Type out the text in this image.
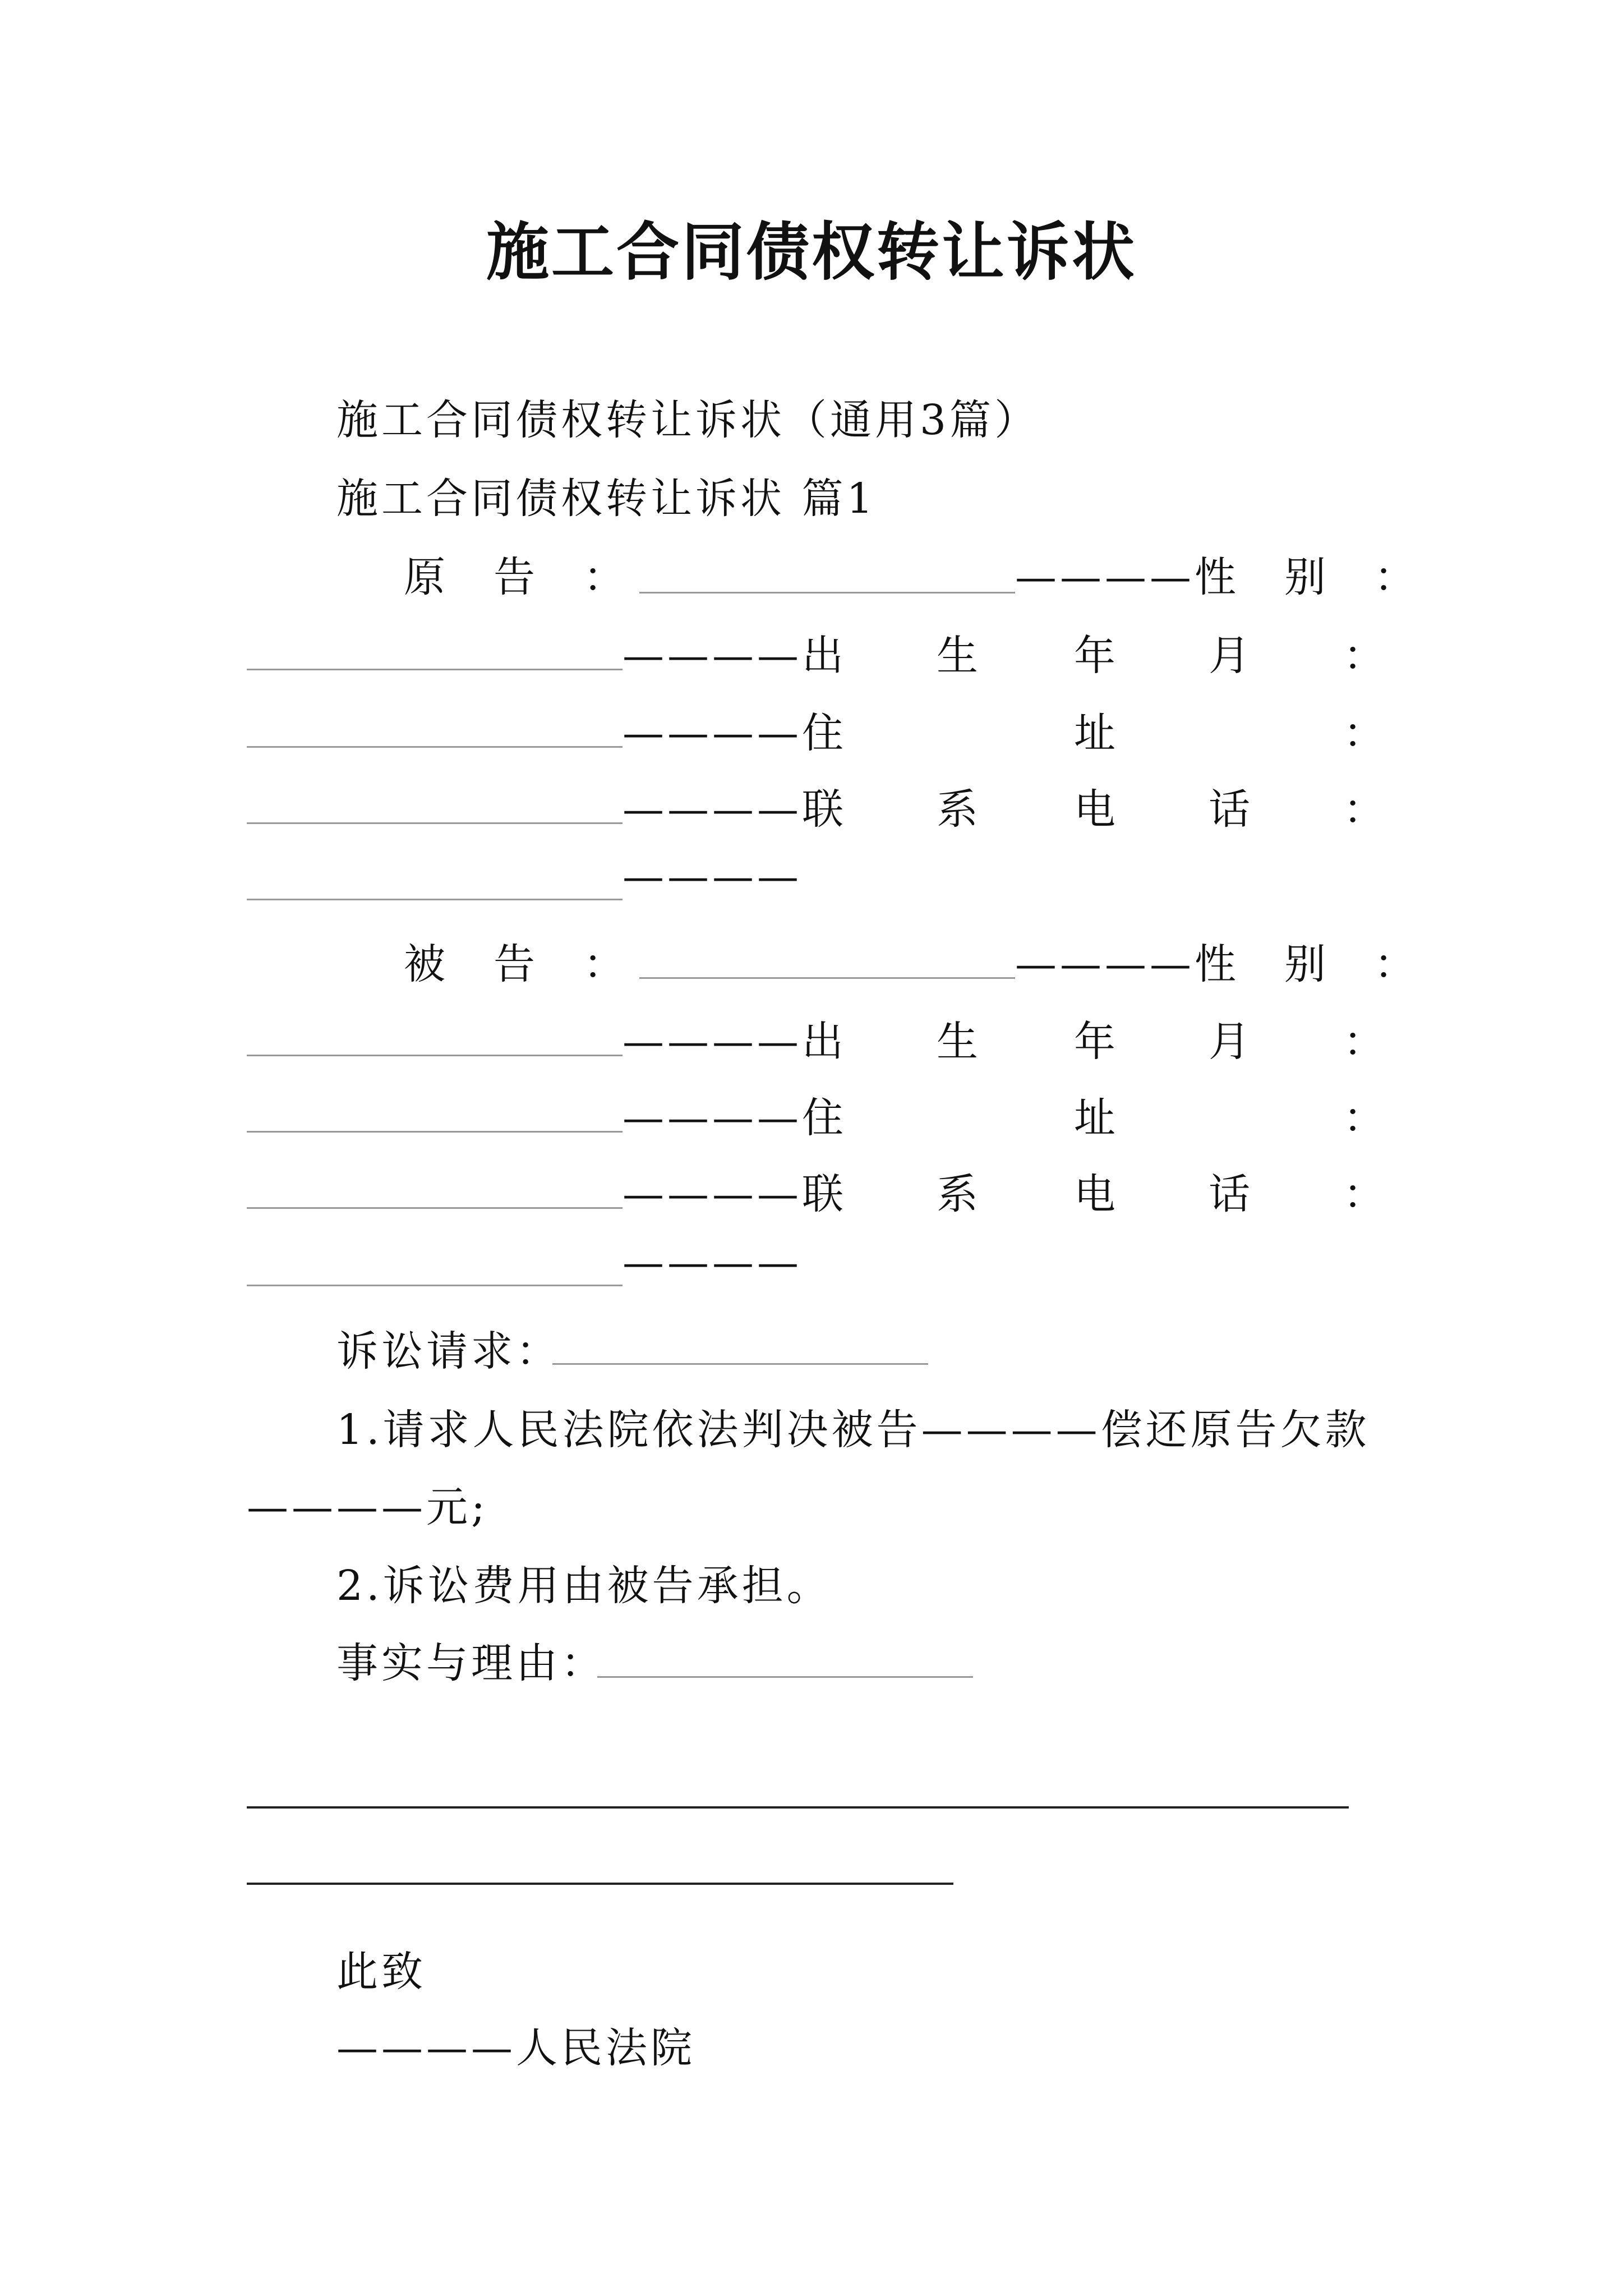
施工合同债权转让诉状
施工合同债权转让诉状（通用3篇）
施工合同债权转让诉状 篇1
原　告　：	————性　别　：
————出 生 年 月 ：
————住	址	：
————联 系 电 话 ：
————
被　告　：	————性　别　：
————出 生 年 月 ：
————住	址	：
————联 系 电 话 ：
————
诉讼请求：
1.请求人民法院依法判决被告————偿还原告欠款
————元;
2.诉讼费用由被告承担。
事实与理由：
此致
————人民法院
